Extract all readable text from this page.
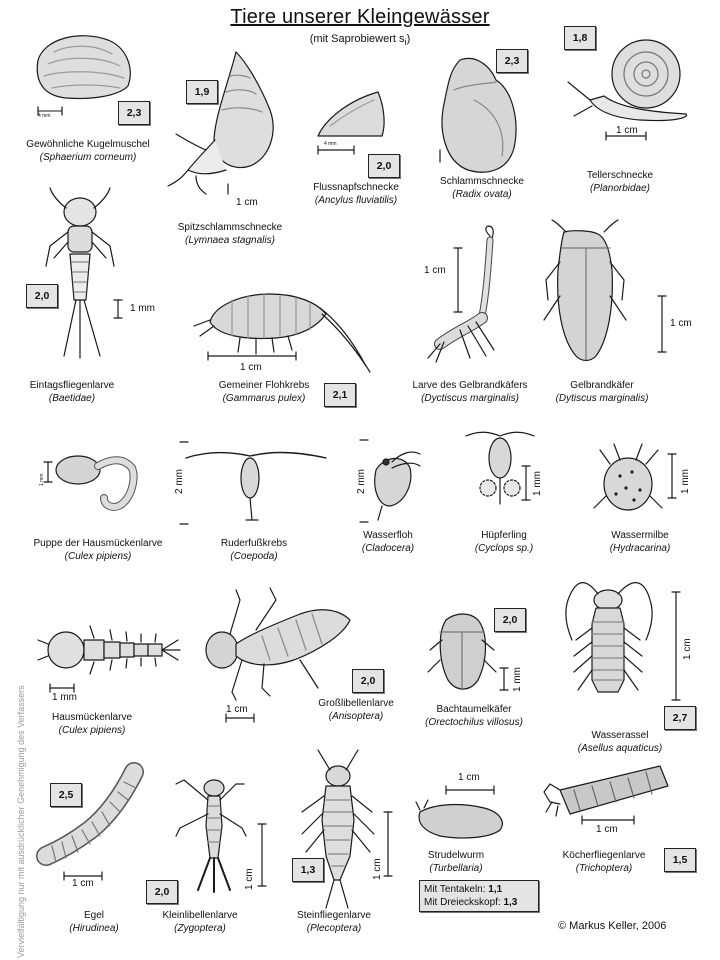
Tiere unserer Kleingewässer
(mit Saprobiewert $s_i$)
Gewöhnliche Kugelmuschel
(Sphaerium corneum)
Spitzschlammschnecke
(Lymnaea stagnalis)
Flussnapfschnecke
(Ancylus fluviatilis)
Schlammschnecke
(Radix ovata)
Tellerschnecke
(Planorbidae)
Eintagsfliegenlarve
(Baetidae)
Gemeiner Flohkrebs
(Gammarus pulex)
Larve des Gelbrandkäfers
(Dyctiscus marginalis)
Gelbrandkäfer
(Dytiscus marginalis)
Puppe der Hausmückenlarve
(Culex pipiens)
Ruderfußkrebs
(Coepoda)
Wasserfloh
(Cladocera)
Hüpferling
(Cyclops sp.)
Wassermilbe
(Hydracarina)
Hausmückenlarve
(Culex pipiens)
Großlibellenlarve
(Anisoptera)
Bachtaumelkäfer
(Orectochilus villosus)
Wasserassel
(Asellus aquaticus)
Egel
(Hirudinea)
Kleinlibellenlarve
(Zygoptera)
Steinfliegenlarve
(Plecoptera)
Strudelwurm
(Turbellaria)
Köcherfliegenlarve
(Trichoptera)
2,3
1,9
2,0
2,3
1,8
2,0
2,1
2,0
2,0
2,7
2,5
2,0
1,3
1,5
Mit Tentakeln: 1,1
Mit Dreieckskopf: 1,3
4 mm
1 cm
4 mm
1 cm
1 mm
1 cm
1 cm
1 cm
1 mm	2 mm	2 mm	1 mm	1 mm
1 mm
1 cm
1 mm
1 cm
1 cm	1 cm	1 cm
1 cm
1 cm
Vervielfältigung nur mit ausdrücklicher Genehmigung des Verfassers	© Markus Keller, 2006
